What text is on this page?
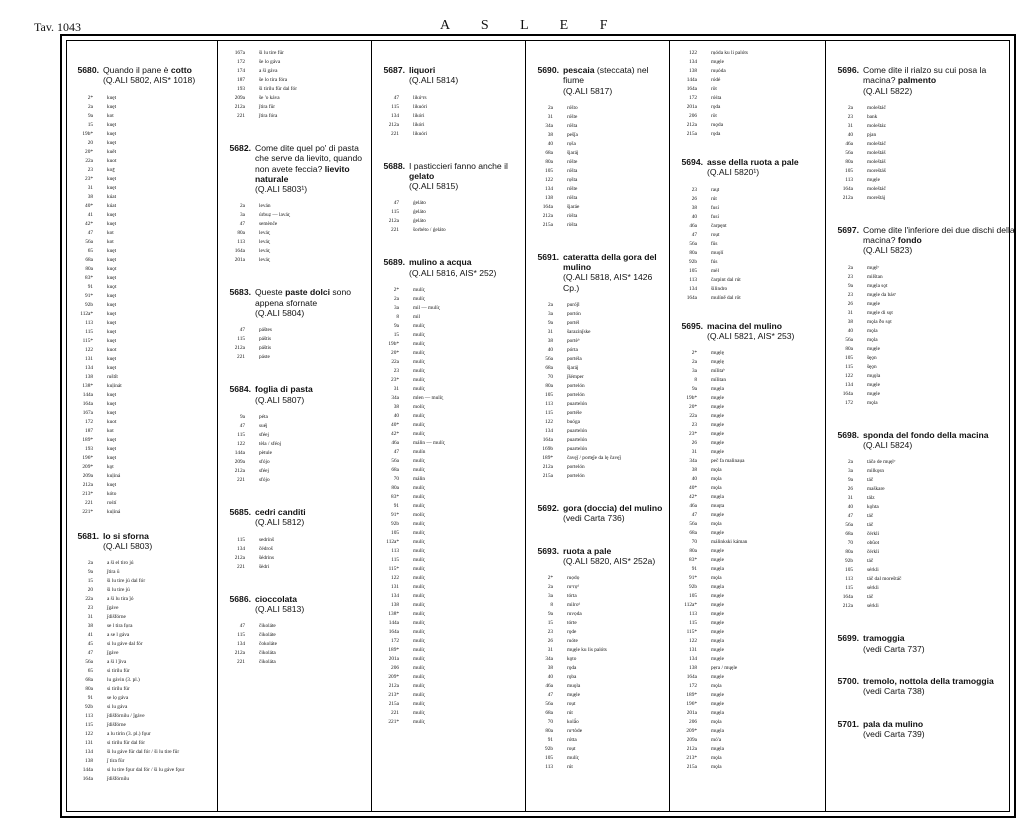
Tav. 1043	A S L E F
5680. Quando il pane è cotto
(Q.ALI 5802, AIS* 1018)
2*	kuęt
2a	kuęt
9a	kot
15	kuęt
19b*	kuęt
20	kuęt
20*	kuět
22a	kuot
23	koꜫ
23*	kuęt
31	kuęt
38	kúat
40*	kúat
41	kuęt
42*	kuęt
47	kot
56a	kot
65	kuęt
68a	kuęt
80a	kuǫt
83*	kuęt
91	kuǫt
91*	kuęt
92b	kuęt
112a*	kuęt
113	kuęt
115	kuęt
115*	kuęt
122	kuot
131	kuęt
134	kuęt
138	ruštît
138*	kuḷinát
144a	kuęt
164a	kuęt
167a	kuęt
172	kuot
187	kot
189*	kuęt
193	kuęt
196*	kuęt
209*	kǫt
209a	kuḷiná
212a	kuęt
213*	kóto
221	rośtí
221*	kuḷiná
5681. lo si sforna
(Q.ALI 5803)
2a	a ši el tiro jú
9a	ǰtira ū
15	ši lu tire jú dal fór
20	ši lu tire jú
22a	a ši lu tira ǰó
23	ǰgáve
31	ǰdišfórne
38	se l tira fọra
41	a se l gáva
45	si lu gáve dal fór
47	ǰgáve
56a	a ši l ǰiva
65	si tirilu fúr
68a	lu gávin (3. pl.)
80a	si tirilu fúr
91	se lọ gáva
92b	si lu gáva
113	ǰdišfórnilu / ǰgáve
115	ǰdišfórne
122	a lu tirin (3. pl.) fǫur
131	si tirilu für dal fór
134	ši lu gáve für dal fór / ši lu tire für
138	ǰ tira für
144a	si lu tire fǫur dal fór / ši lu gáve fǫur
164a	ǰdišfórnilu
167a	ši lu tire für
172	še lo gáva
174	a ši gáva
187	še lo tira fóra
193	ši tirilu für dal fór
209a	še 'o káva
212a	ǰtira für
221	ǰtira fóra
5682. Come dite quel po' di pasta che serve da lievito, quando non avete feccia? lievito naturale
(Q.ALI 5803¹)
2a	leván
3a	úrbuẓ — lavár̨
47	semènče
80a	levár̨
113	levár̨
164a	levár̨
201a	levár̨
5683. Queste paste dolci sono appena sfornate
(Q.ALI 5804)
47	páštes
115	páštis
212a	páštis
221	páste
5684. foglia di pasta
(Q.ALI 5807)
9a	péta
47	suéj
115	sféej
122	tèla / sféoj
144a	pètule
209a	sfójo
212a	sféej
221	sfójo
5685. cedri canditi
(Q.ALI 5812)
115	sedrínš
134	čédroš
212a	šédrins
221	šèdri
5686. cioccolata
(Q.ALI 5813)
47	čikoláte
115	čikoláte
134	čokoláte
212a	čikoláta
221	čikoláta
5687. liquori
(Q.ALI 5814)
47	likúᵒrs
115	likuóri
134	likóri
212a	likóri
221	likuóri
5688. I pasticcieri fanno anche il gelato
(Q.ALI 5815)
47	ǵeláto
115	ǵeláto
212a	ǵeláto
221	šorbéto / ǵeláto
5689. mulino a acqua
(Q.ALI 5816, AIS* 252)
2*	mulír̨
2a	mulír̨
3a	mil — mulír̨
8	mil
9a	mulír̨
15	mulír̨
19b*	mulír̨
20*	mulír̨
22a	mulír̨
23	mulír̨
23*	mulír̨
31	mulír̨
34a	mlen — mulír̨
38	molír̨
40	mulír̨
40*	mulír̨
42*	mulír̨
46a	málin — mulír̨
47	mulín
56a	mulír̨
68a	mulír̨
70	málin
80a	mulír̨
83*	mulír̨
91	mulír̨
91*	molír̨
92b	mulír̨
105	mulír̨
112a*	mulír̨
113	mulír̨
115	mulír̨
115*	mulír̨
122	mulír̨
131	mulír̨
134	mulír̨
138	mulír̨
138*	mulír̨
144a	mulír̨
164a	mulír̨
172	mulír̨
189*	mulír̨
201a	mulír̨
206	mulír̨
209*	mulír̨
212a	mulír̨
213*	mulír̨
215a	mulír̨
221	mulír̨
221*	mulír̨
5690. pescaia (steccata) nel fiume
(Q.ALI 5817)
2a	róšto
31	róšte
34a	róšta
38	pešǰa
40	rọša
68a	šjaráj
80a	róšte
105	róšta
122	rọšta
134	róšte
138	róšta
164a	šjaráe
212a	ròšta
215a	ròšta
5691. cateratta della gora del mulino
(Q.ALI 5818, AIS* 1426 Cp.)
2a	puróǰl
3a	portón
9a	portél
31	šarazinǰske
38	portèᵇ
40	pórta
56a	portéla
68a	šjaráj
70	ǰšémper
80a	portelón
105	portelón
113	puartelón
115	portéle
122	buóga
134	puartelón
164a	puartelón
169b	puartelón
189*	čavęǰ / portęǰe da lę čavęǰ
212a	portelón
215a	portelón
5692. gora (doccia) del mulino
(vedi Carta 736)
5693. ruota a pale
(Q.ALI 5820, AIS* 252a)
2*	ruọdọ
2a	ruᵒrọᵈ
3a	tórta
8	milroᵈ
9a	ruvọda
15	tórte
23	rǫde
26	ruóte
31	mųęle ku lis palóts
34a	kǫto
38	rǫda
40	rǫba
46a	muǫla
47	mųęle
56a	roụt
68a	rút
70	kolǻo
80a	ruᵒtòde
91	rótta
92b	roụt
105	mulír̨
113	rút
122	rụóda ku li palóts
134	mųęle
138	ruụóda
144a	ródė
164a	röt
172	róśta
201a	rǫda
206	röt
212a	ruǫda
215a	rǫda
5694. asse della ruota a pale
(Q.ALI 5820¹)
23	raųt
26	rút
38	fusí
40	fusí
46a	čarpęnt
47	roụt
56a	fūs
80a	muǫlí
92b	fús
105	mèl
113	čarpint dal rút
134	šilindro
164a	mulíně dal röt
5695. macina del mulino
(Q.ALI 5821, AIS* 253)
2*	mųęlę
2a	mųęlę
3a	mílitaᵇ
8	mílitan
9a	mųęla
19b*	mųęle
20*	mųęle
22a	mųęle
23	mųęle
23*	mųęle
26	mųęle
31	mųęle
34a	peč fa malinaụa
38	mǫla
40	mǫla
40*	mǫla
42*	mųęla
46a	muqta
47	mųęle
56a	mǫla
68a	mųęle
70	málinkski káman
80a	mųęle
83*	mųęle
91	mųęla
91*	mǫla
92b	mųęla
105	mųęle
112a*	mųęle
113	mųęle
115	mųęle
115*	mųęle
122	mųęla
131	mųęle
134	mųęle
138	pẹra / mųęle
164a	mųęle
172	mǫla
189*	mųęle
196*	mųęle
201a	mųęla
206	mǫla
209*	mųęla
209a	mó'a
212a	mųęla
213*	mǫla
215a	mǫla
5696. Come dite il rialzo su cui posa la macina? palmento
(Q.ALI 5822)
2a	moleštáč
23	bank
31	moleštáz
40	pjan
46a	moleštáč
56a	moleštáš
80a	moleštáš
105	moreštáš
113	mųęle
164a	moleštáč
212a	moreštáj
5697. Come dite l'inferiore dei due dischi della macina? fondo
(Q.ALI 5823)
2a	mųęlᵒ
23	milštan
9a	mųęla sǫt
23	mųęle da básᵉ
26	mųęle
31	mųęle di sǫt
38	mǫla ðo sǫt
40	mǫla
56a	mǫla
80a	mųęle
105	šęǫn
115	šęǫn
122	mųǫla
134	mųęle
164a	mųęle
172	mǫla
5698. sponda del fondo della macina
(Q.ALI 5824)
2a	táčǝ de mųęlᵒ
3a	milkǫsn
9a	táč
26	maškare
31	tálz
40	kǫhta
47	táč
56a	táč
68a	čérkli
70	obûot
80a	čérkli
92b	táč
105	sérkli
113	táč dal moreštáč
115	sérkli
164a	táč
212a	sérkli
5699. tramoggia
(vedi Carta 737)
5700. tremolo, nottola della tramoggia
(vedi Carta 738)
5701. pala da mulino
(vedi Carta 739)
